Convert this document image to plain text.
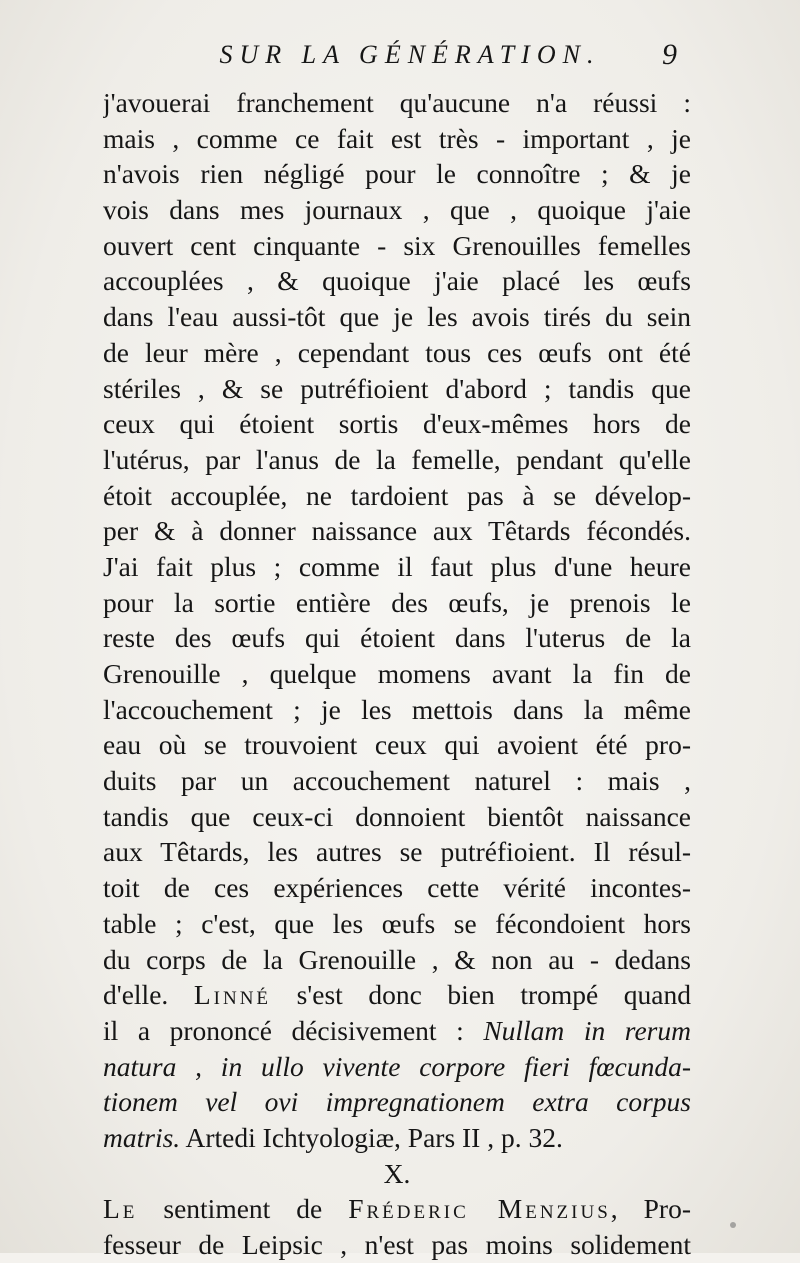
SUR LA GÉNÉRATION.	9
j'avouerai franchement qu'aucune n'a réussi :
mais , comme ce fait est très - important , je
n'avois rien négligé pour le connoître ; & je
vois dans mes journaux , que , quoique j'aie
ouvert cent cinquante - six Grenouilles femelles
accouplées , & quoique j'aie placé les œufs
dans l'eau aussi-tôt que je les avois tirés du sein
de leur mère , cependant tous ces œufs ont été
stériles , & se putréfioient d'abord ; tandis que
ceux qui étoient sortis d'eux-mêmes hors de
l'utérus, par l'anus de la femelle, pendant qu'elle
étoit accouplée, ne tardoient pas à se dévelop-
per & à donner naissance aux Têtards fécondés.
J'ai fait plus ; comme il faut plus d'une heure
pour la sortie entière des œufs, je prenois le
reste des œufs qui étoient dans l'uterus de la
Grenouille , quelque momens avant la fin de
l'accouchement ; je les mettois dans la même
eau où se trouvoient ceux qui avoient été pro-
duits par un accouchement naturel : mais ,
tandis que ceux-ci donnoient bientôt naissance
aux Têtards, les autres se putréfioient. Il résul-
toit de ces expériences cette vérité incontes-
table ; c'est, que les œufs se fécondoient hors
du corps de la Grenouille , & non au - dedans
d'elle. Linné s'est donc bien trompé quand
il a prononcé décisivement : Nullam in rerum
natura , in ullo vivente corpore fieri fœcunda-
tionem vel ovi impregnationem extra corpus
matris. Artedi Ichtyologiæ, Pars II , p. 32.
X.
Le sentiment de Fréderic Menzius, Pro-
fesseur de Leipsic , n'est pas moins solidement
